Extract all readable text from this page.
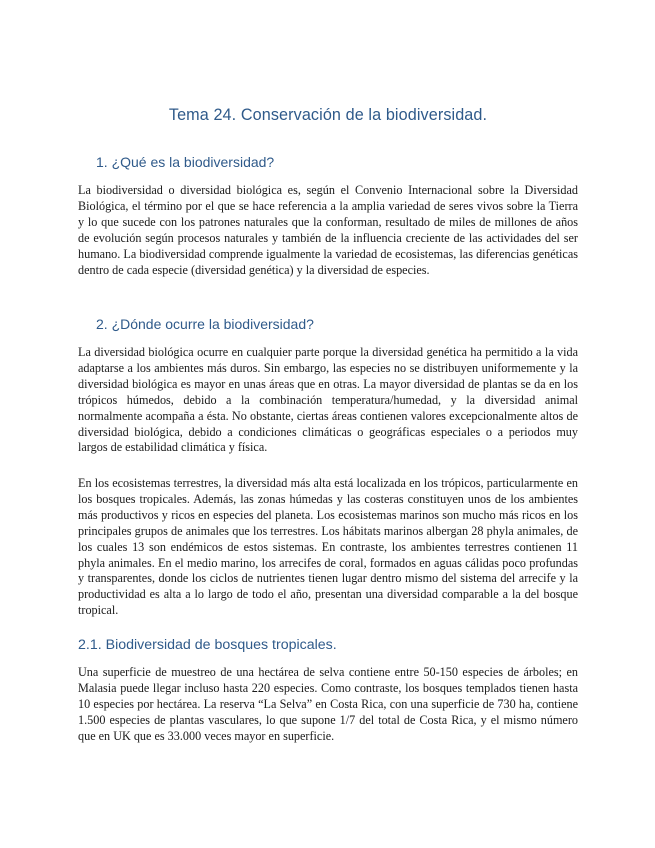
Tema 24. Conservación de la biodiversidad.
1. ¿Qué es la biodiversidad?

La biodiversidad o diversidad biológica es, según el Convenio Internacional sobre la Diversidad Biológica, el término por el que se hace referencia a la amplia variedad de seres vivos sobre la Tierra y lo que sucede con los patrones naturales que la conforman, resultado de miles de millones de años de evolución según procesos naturales y también de la influencia creciente de las actividades del ser humano. La biodiversidad comprende igualmente la variedad de ecosistemas, las diferencias genéticas dentro de cada especie (diversidad genética) y la diversidad de especies.

2. ¿Dónde ocurre la biodiversidad?

La diversidad biológica ocurre en cualquier parte porque la diversidad genética ha permitido a la vida adaptarse a los ambientes más duros. Sin embargo, las especies no se distribuyen uniformemente y la diversidad biológica es mayor en unas áreas que en otras. La mayor diversidad de plantas se da en los trópicos húmedos, debido a la combinación temperatura/humedad, y la diversidad animal normalmente acompaña a ésta. No obstante, ciertas áreas contienen valores excepcionalmente altos de diversidad biológica, debido a condiciones climáticas o geográficas especiales o a periodos muy largos de estabilidad climática y física.

En los ecosistemas terrestres, la diversidad más alta está localizada en los trópicos, particularmente en los bosques tropicales. Además, las zonas húmedas y las costeras constituyen unos de los ambientes más productivos y ricos en especies del planeta. Los ecosistemas marinos son mucho más ricos en los principales grupos de animales que los terrestres. Los hábitats marinos albergan 28 phyla animales, de los cuales 13 son endémicos de estos sistemas. En contraste, los ambientes terrestres contienen 11 phyla animales. En el medio marino, los arrecifes de coral, formados en aguas cálidas poco profundas y transparentes, donde los ciclos de nutrientes tienen lugar dentro mismo del sistema del arrecife y la productividad es alta a lo largo de todo el año, presentan una diversidad comparable a la del bosque tropical.

2.1. Biodiversidad de bosques tropicales.

Una superficie de muestreo de una hectárea de selva contiene entre 50-150 especies de árboles; en Malasia puede llegar incluso hasta 220 especies. Como contraste, los bosques templados tienen hasta 10 especies por hectárea. La reserva “La Selva” en Costa Rica, con una superficie de 730 ha, contiene 1.500 especies de plantas vasculares, lo que supone 1/7 del total de Costa Rica, y el mismo número que en UK que es 33.000 veces mayor en superficie.
